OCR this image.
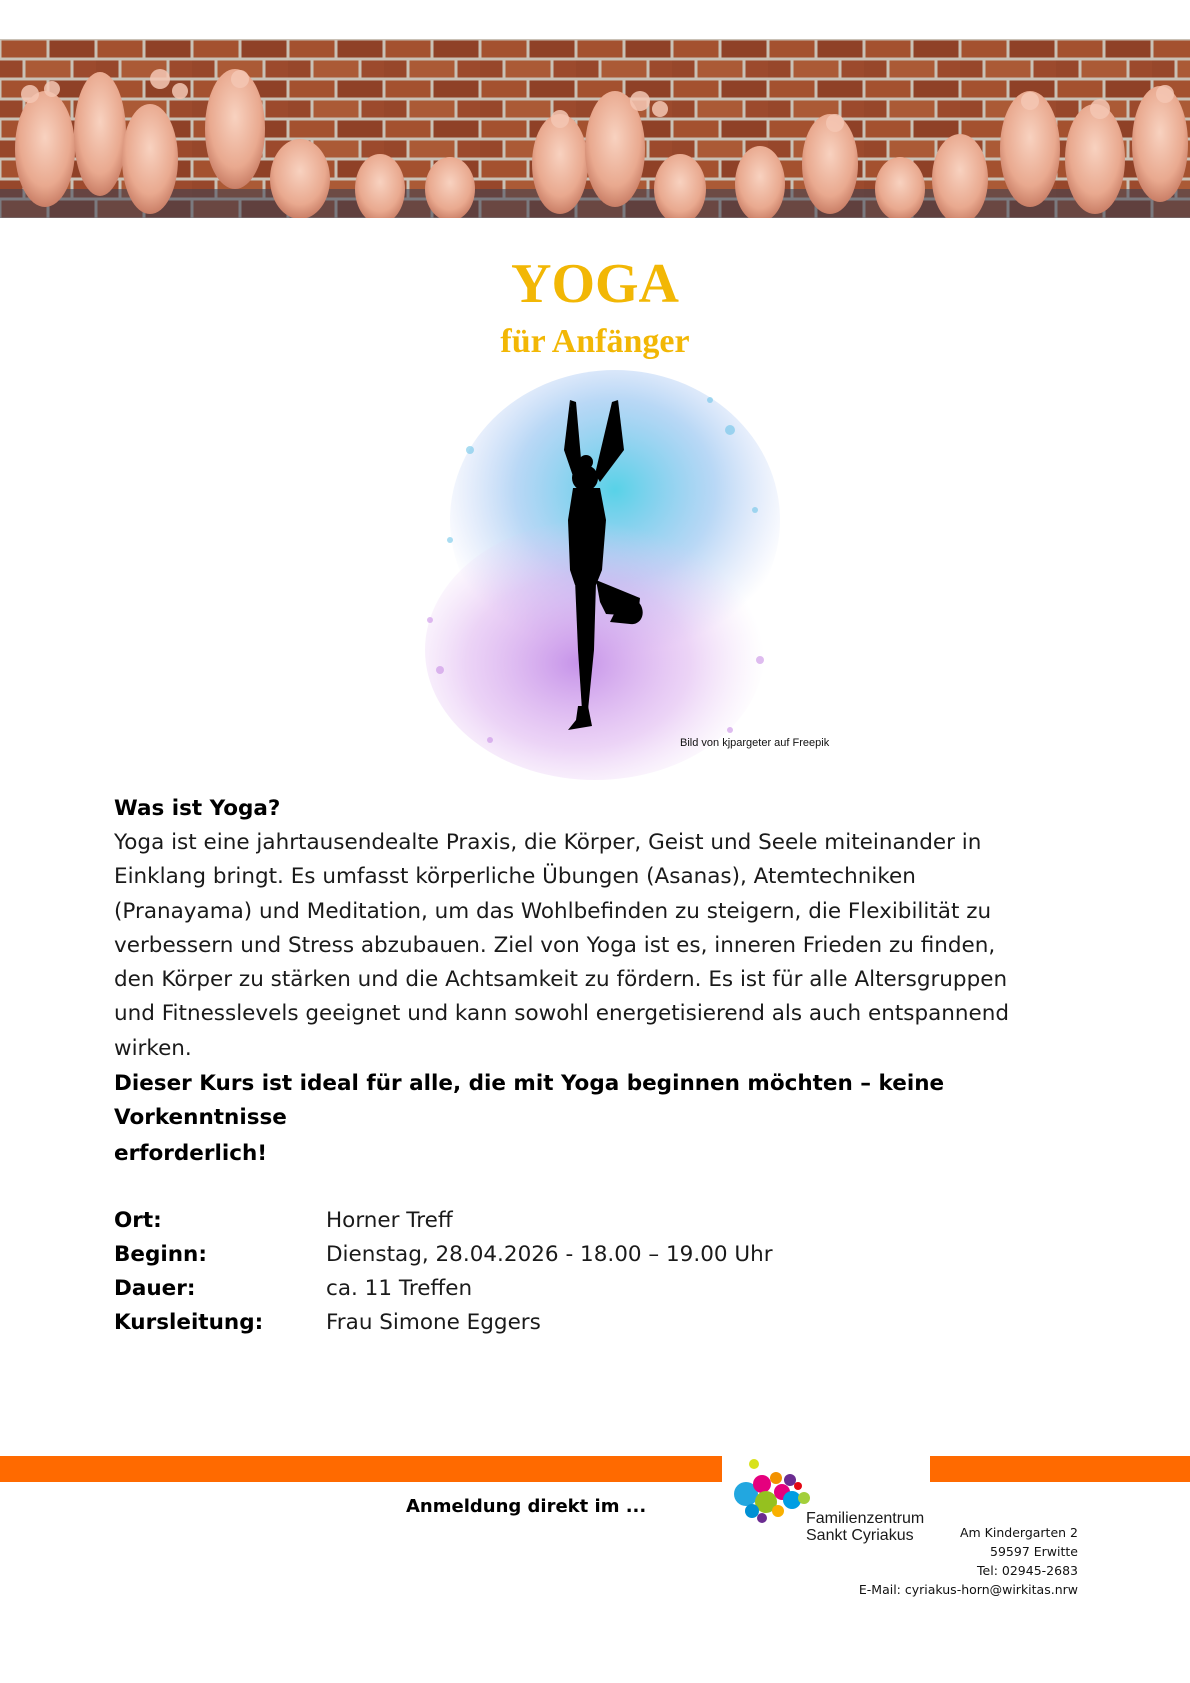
YOGA
für Anfänger
Bild von kjpargeter auf Freepik
Was ist Yoga?
Yoga ist eine jahrtausendealte Praxis, die Körper, Geist und Seele miteinander in
Einklang bringt. Es umfasst körperliche Übungen (Asanas), Atemtechniken
(Pranayama) und Meditation, um das Wohlbefinden zu steigern, die Flexibilität zu
verbessern und Stress abzubauen. Ziel von Yoga ist es, inneren Frieden zu finden,
den Körper zu stärken und die Achtsamkeit zu fördern. Es ist für alle Altersgruppen
und Fitnesslevels geeignet und kann sowohl energetisierend als auch entspannend
wirken.
Dieser Kurs ist ideal für alle, die mit Yoga beginnen möchten – keine Vorkenntnisse
erforderlich!
Ort:	Horner Treff
Beginn:	Dienstag, 28.04.2026 - 18.00 – 19.00 Uhr
Dauer:	ca. 11 Treffen
Kursleitung:	Frau Simone Eggers
Anmeldung direkt im ...
Familienzentrum
Sankt Cyriakus	Am Kindergarten 2
59597 Erwitte
Tel: 02945-2683
E-Mail: cyriakus-horn@wirkitas.nrw
